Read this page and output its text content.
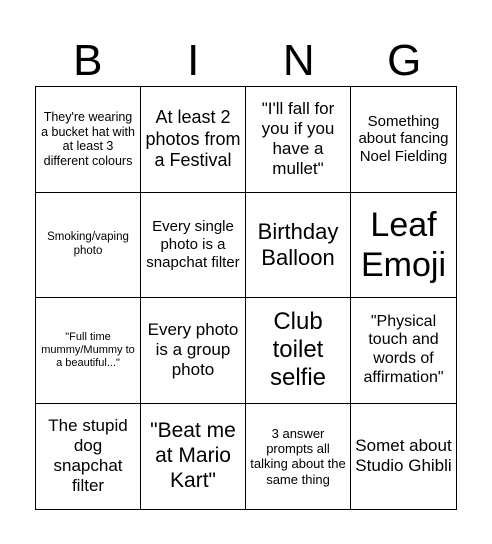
B	I	N	G
They're wearing a bucket hat with at least 3 different colours
At least 2 photos from a Festival
"I'll fall for you if you have a mullet"
Something about fancing Noel Fielding
Smoking/vaping photo
Every single photo is a snapchat filter
Birthday Balloon
Leaf Emoji
"Full time mummy/Mummy to a beautiful..."
Every photo is a group photo
Club toilet selfie
"Physical touch and words of affirmation"
The stupid dog snapchat filter
"Beat me at Mario Kart"
3 answer prompts all talking about the same thing
Somet about Studio Ghibli
